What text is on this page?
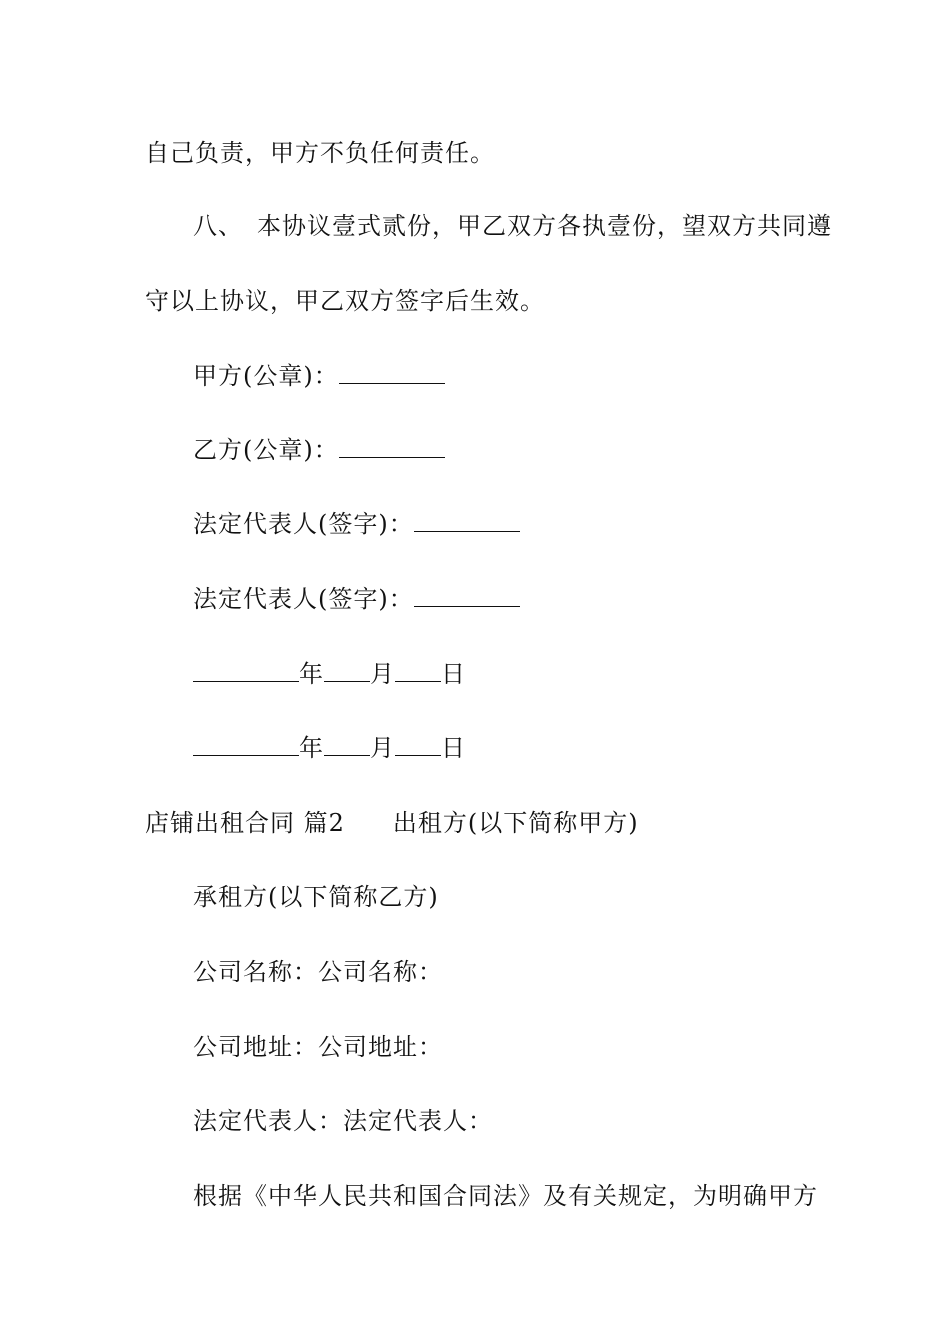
自己负责，甲方不负任何责任。
八、 本协议壹式贰份，甲乙双方各执壹份，望双方共同遵
守以上协议，甲乙双方签字后生效。
甲方(公章)：
乙方(公章)：
法定代表人(签字)：
法定代表人(签字)：
年 月 日
年 月 日
店铺出租合同 篇2 出租方(以下简称甲方)
承租方(以下简称乙方)
公司名称：公司名称：
公司地址：公司地址：
法定代表人：法定代表人：
根据《中华人民共和国合同法》及有关规定，为明确甲方
